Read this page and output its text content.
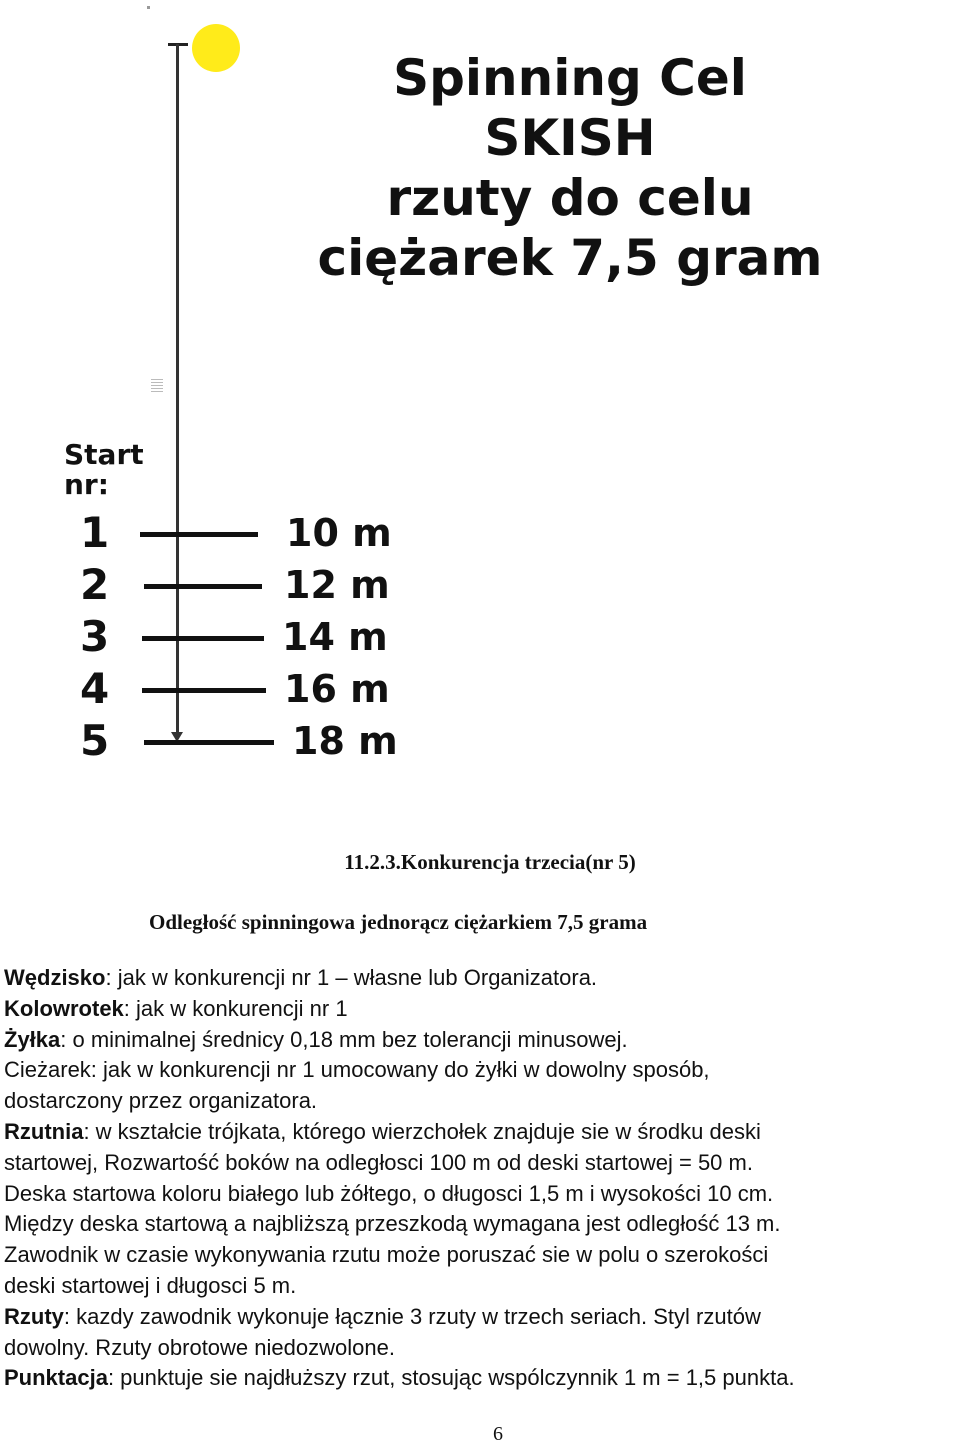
Spinning Cel
SKISH
rzuty do celu
ciężarek 7,5 gram
Start
nr:
1	10 m
2	12 m
3	14 m
4	16 m
5	18 m
11.2.3.Konkurencja trzecia(nr 5)
Odległość spinningowa jednorącz ciężarkiem 7,5 grama

Wędzisko: jak w konkurencji nr 1 – własne lub Organizatora.

Kolowrotek: jak w konkurencji nr 1

Żyłka: o minimalnej średnicy 0,18 mm bez tolerancji minusowej.

Cieżarek: jak w konkurencji nr 1 umocowany do żyłki w dowolny sposób,

dostarczony przez organizatora.

Rzutnia: w kształcie trójkata, którego wierzchołek znajduje sie w środku deski

startowej, Rozwartość boków na odległosci 100 m od deski startowej = 50 m.

Deska startowa koloru białego lub żółtego, o długosci 1,5 m i wysokości 10 cm.

Między deska startową a najbliższą przeszkodą wymagana jest odległość 13 m.

Zawodnik w czasie wykonywania rzutu może poruszać sie w polu o szerokości

deski startowej i długosci 5 m.

Rzuty: kazdy zawodnik wykonuje łącznie 3 rzuty w trzech seriach. Styl rzutów

dowolny. Rzuty obrotowe niedozwolone.

Punktacja: punktuje sie najdłuższy rzut, stosując wspólczynnik 1 m = 1,5 punkta.

6
